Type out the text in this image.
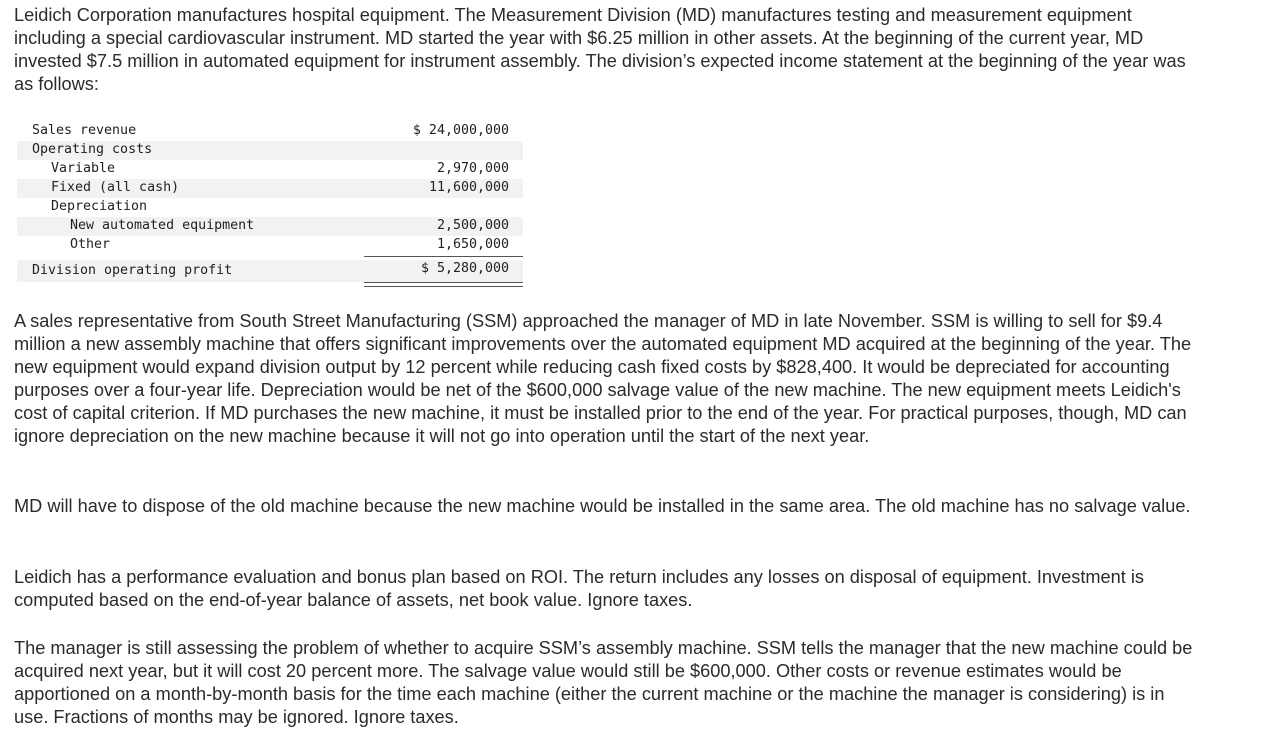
Leidich Corporation manufactures hospital equipment. The Measurement Division (MD) manufactures testing and measurement equipment including a special cardiovascular instrument. MD started the year with $6.25 million in other assets. At the beginning of the current year, MD invested $7.5 million in automated equipment for instrument assembly. The division’s expected income statement at the beginning of the year was as follows:

Sales revenue	$ 24,000,000
Operating costs
Variable	2,970,000
Fixed (all cash)	11,600,000
Depreciation
New automated equipment	2,500,000
Other	1,650,000
Division operating profit	$ 5,280,000

A sales representative from South Street Manufacturing (SSM) approached the manager of MD in late November. SSM is willing to sell for $9.4 million a new assembly machine that offers significant improvements over the automated equipment MD acquired at the beginning of the year. The new equipment would expand division output by 12 percent while reducing cash fixed costs by $828,400. It would be depreciated for accounting purposes over a four-year life. Depreciation would be net of the $600,000 salvage value of the new machine. The new equipment meets Leidich's cost of capital criterion. If MD purchases the new machine, it must be installed prior to the end of the year. For practical purposes, though, MD can ignore depreciation on the new machine because it will not go into operation until the start of the next year.

MD will have to dispose of the old machine because the new machine would be installed in the same area. The old machine has no salvage value.

Leidich has a performance evaluation and bonus plan based on ROI. The return includes any losses on disposal of equipment. Investment is computed based on the end-of-year balance of assets, net book value. Ignore taxes.

The manager is still assessing the problem of whether to acquire SSM’s assembly machine. SSM tells the manager that the new machine could be acquired next year, but it will cost 20 percent more. The salvage value would still be $600,000. Other costs or revenue estimates would be apportioned on a month-by-month basis for the time each machine (either the current machine or the machine the manager is considering) is in use. Fractions of months may be ignored. Ignore taxes.
